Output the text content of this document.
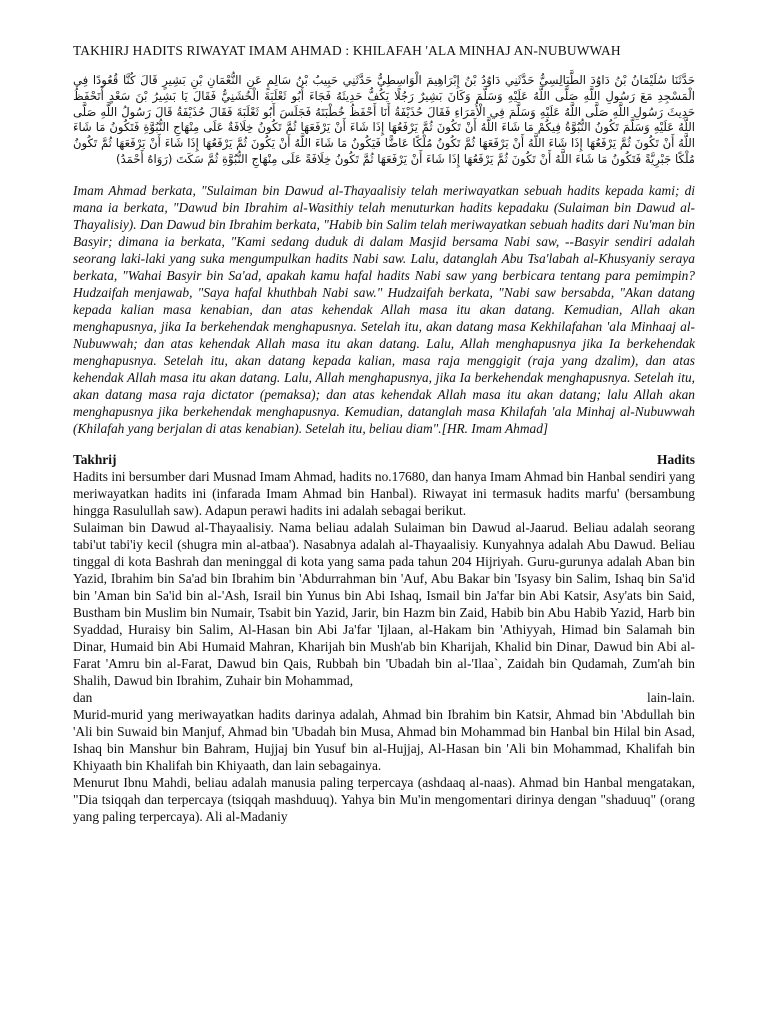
TAKHIRJ HADITS RIWAYAT IMAM AHMAD : KHILAFAH 'ALA MINHAJ AN-NUBUWWAH

حَدَّثَنَا سُلَيْمَانُ بْنُ دَاوُدَ الطَّيَالِسِيُّ حَدَّثَنِي دَاوُدُ بْنُ إِبْرَاهِيمَ الْوَاسِطِيُّ حَدَّثَنِي حَبِيبُ بْنُ سَالِمٍ عَنِ النُّعْمَانِ بْنِ بَشِيرٍ قَالَ كُنَّا قُعُودًا فِي الْمَسْجِدِ مَعَ رَسُولِ اللَّهِ صَلَّى اللَّهُ عَلَيْهِ وَسَلَّمَ وَكَانَ بَشِيرٌ رَجُلًا يَكُفُّ حَدِيثَهُ فَجَاءَ أَبُو ثَعْلَبَةَ الْخُشَنِيُّ فَقَالَ يَا بَشِيرُ بْنَ سَعْدٍ أَتَحْفَظُ حَدِيثَ رَسُولِ اللَّهِ صَلَّى اللَّهُ عَلَيْهِ وَسَلَّمَ فِي الْأُمَرَاءِ فَقَالَ حُذَيْفَةُ أَنَا أَحْفَظُ خُطْبَتَهُ فَجَلَسَ أَبُو ثَعْلَبَةَ فَقَالَ حُذَيْفَةُ قَالَ رَسُولُ اللَّهِ صَلَّى اللَّهُ عَلَيْهِ وَسَلَّمَ تَكُونُ النُّبُوَّةُ فِيكُمْ مَا شَاءَ اللَّهُ أَنْ تَكُونَ ثُمَّ يَرْفَعُهَا إِذَا شَاءَ أَنْ يَرْفَعَهَا ثُمَّ تَكُونُ خِلَافَةٌ عَلَى مِنْهَاجِ النُّبُوَّةِ فَتَكُونُ مَا شَاءَ اللَّهُ أَنْ تَكُونَ ثُمَّ يَرْفَعُهَا إِذَا شَاءَ اللَّهُ أَنْ يَرْفَعَهَا ثُمَّ تَكُونُ مُلْكًا عَاضًّا فَيَكُونُ مَا شَاءَ اللَّهُ أَنْ يَكُونَ ثُمَّ يَرْفَعُهَا إِذَا شَاءَ أَنْ يَرْفَعَهَا ثُمَّ تَكُونُ مُلْكًا جَبْرِيَّةً فَتَكُونُ مَا شَاءَ اللَّهُ أَنْ تَكُونَ ثُمَّ يَرْفَعُهَا إِذَا شَاءَ أَنْ يَرْفَعَهَا ثُمَّ تَكُونُ خِلَافَةً عَلَى مِنْهَاجِ النُّبُوَّةِ ثُمَّ سَكَتَ (رَوَاهُ أَحْمَدُ)

Imam Ahmad berkata, "Sulaiman bin Dawud al-Thayaalisiy telah meriwayatkan sebuah hadits kepada kami; di mana ia berkata, "Dawud bin Ibrahim al-Wasithiy telah menuturkan hadits kepadaku (Sulaiman bin Dawud al-Thayalisiy). Dan Dawud bin Ibrahim berkata, "Habib bin Salim telah meriwayatkan sebuah hadits dari Nu'man bin Basyir; dimana ia berkata, "Kami sedang duduk di dalam Masjid bersama Nabi saw, --Basyir sendiri adalah seorang laki-laki yang suka mengumpulkan hadits Nabi saw. Lalu, datanglah Abu Tsa'labah al-Khusyaniy seraya berkata, "Wahai Basyir bin Sa'ad, apakah kamu hafal hadits Nabi saw yang berbicara tentang para pemimpin? Hudzaifah menjawab, "Saya hafal khuthbah Nabi saw." Hudzaifah berkata, "Nabi saw bersabda, "Akan datang kepada kalian masa kenabian, dan atas kehendak Allah masa itu akan datang. Kemudian, Allah akan menghapusnya, jika Ia berkehendak menghapusnya. Setelah itu, akan datang masa Kekhilafahan 'ala Minhaaj al-Nubuwwah; dan atas kehendak Allah masa itu akan datang. Lalu, Allah menghapusnya jika Ia berkehendak menghapusnya. Setelah itu, akan datang kepada kalian, masa raja menggigit (raja yang dzalim), dan atas kehendak Allah masa itu akan datang. Lalu, Allah menghapusnya, jika Ia berkehendak menghapusnya. Setelah itu, akan datang masa raja dictator (pemaksa); dan atas kehendak Allah masa itu akan datang; lalu Allah akan menghapusnya jika berkehendak menghapusnya. Kemudian, datanglah masa Khilafah 'ala Minhaj al-Nubuwwah (Khilafah yang berjalan di atas kenabian). Setelah itu, beliau diam".[HR. Imam Ahmad]

Takhrij	Hadits

Hadits ini bersumber dari Musnad Imam Ahmad, hadits no.17680, dan hanya Imam Ahmad bin Hanbal sendiri yang meriwayatkan hadits ini (infarada Imam Ahmad bin Hanbal). Riwayat ini termasuk hadits marfu' (bersambung hingga Rasulullah saw). Adapun perawi hadits ini adalah sebagai berikut.

Sulaiman bin Dawud al-Thayaalisiy. Nama beliau adalah Sulaiman bin Dawud al-Jaarud. Beliau adalah seorang tabi'ut tabi'iy kecil (shugra min al-atbaa'). Nasabnya adalah al-Thayaalisiy. Kunyahnya adalah Abu Dawud. Beliau tinggal di kota Bashrah dan meninggal di kota yang sama pada tahun 204 Hijriyah. Guru-gurunya adalah Aban bin Yazid, Ibrahim bin Sa'ad bin Ibrahim bin 'Abdurrahman bin 'Auf, Abu Bakar bin 'Isyasy bin Salim, Ishaq bin Sa'id bin 'Aman bin Sa'id bin al-'Ash, Israil bin Yunus bin Abi Ishaq, Ismail bin Ja'far bin Abi Katsir, Asy'ats bin Said, Bustham bin Muslim bin Numair, Tsabit bin Yazid, Jarir, bin Hazm bin Zaid, Habib bin Abu Habib Yazid, Harb bin Syaddad, Huraisy bin Salim, Al-Hasan bin Abi Ja'far 'Ijlaan, al-Hakam bin 'Athiyyah, Himad bin Salamah bin Dinar, Humaid bin Abi Humaid Mahran, Kharijah bin Mush'ab bin Kharijah, Khalid bin Dinar, Dawud bin Abi al-Farat 'Amru bin al-Farat, Dawud bin Qais, Rubbah bin 'Ubadah bin al-'Ilaa`, Zaidah bin Qudamah, Zum'ah bin Shalih, Dawud bin Ibrahim, Zuhair bin Mohammad,

dan	lain-lain.

Murid-murid yang meriwayatkan hadits darinya adalah, Ahmad bin Ibrahim bin Katsir, Ahmad bin 'Abdullah bin 'Ali bin Suwaid bin Manjuf, Ahmad bin 'Ubadah bin Musa, Ahmad bin Mohammad bin Hanbal bin Hilal bin Asad, Ishaq bin Manshur bin Bahram, Hujjaj bin Yusuf bin al-Hujjaj, Al-Hasan bin 'Ali bin Mohammad, Khalifah bin Khiyaath bin Khalifah bin Khiyaath, dan lain sebagainya.

Menurut Ibnu Mahdi, beliau adalah manusia paling terpercaya (ashdaaq al-naas). Ahmad bin Hanbal mengatakan, "Dia tsiqqah dan terpercaya (tsiqqah mashduuq). Yahya bin Mu'in mengomentari dirinya dengan "shaduuq" (orang yang paling terpercaya). Ali al-Madaniy
